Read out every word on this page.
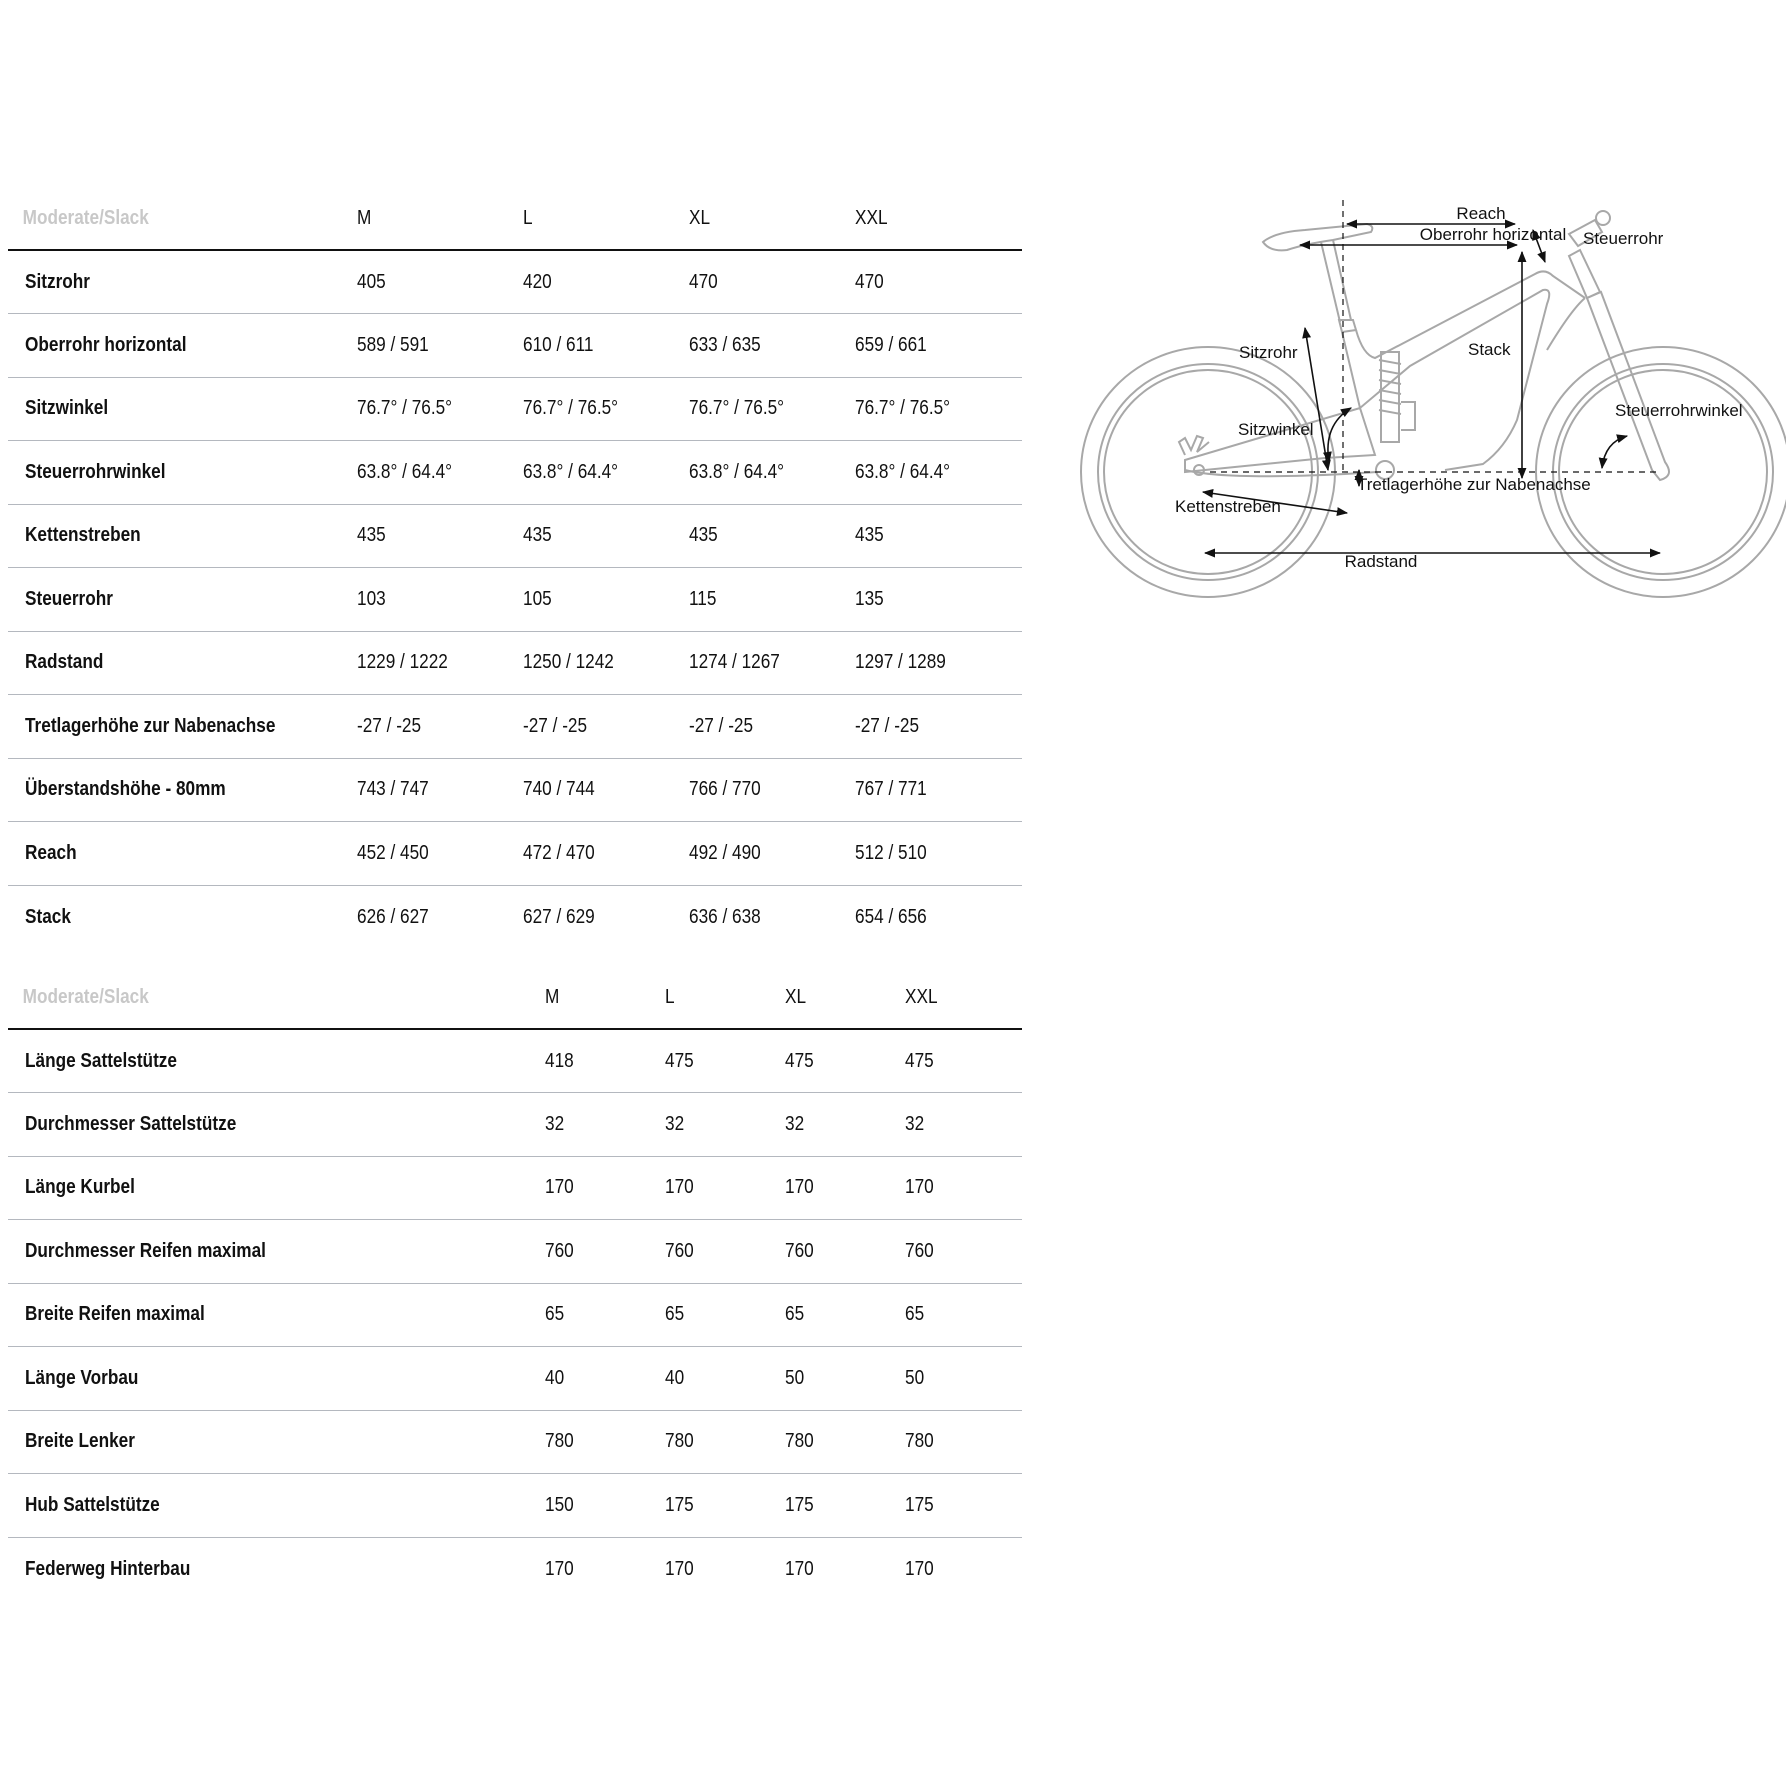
Moderate/Slack	M	L	XL	XXL
Sitzrohr	405	420	470	470
Oberrohr horizontal	589 / 591	610 / 611	633 / 635	659 / 661
Sitzwinkel	76.7° / 76.5°	76.7° / 76.5°	76.7° / 76.5°	76.7° / 76.5°
Steuerrohrwinkel	63.8° / 64.4°	63.8° / 64.4°	63.8° / 64.4°	63.8° / 64.4°
Kettenstreben	435	435	435	435
Steuerrohr	103	105	115	135
Radstand	1229 / 1222	1250 / 1242	1274 / 1267	1297 / 1289
Tretlagerhöhe zur Nabenachse	-27 / -25	-27 / -25	-27 / -25	-27 / -25
Überstandshöhe - 80mm	743 / 747	740 / 744	766 / 770	767 / 771
Reach	452 / 450	472 / 470	492 / 490	512 / 510
Stack	626 / 627	627 / 629	636 / 638	654 / 656
Moderate/Slack	M	L	XL	XXL
Länge Sattelstütze	418	475	475	475
Durchmesser Sattelstütze	32	32	32	32
Länge Kurbel	170	170	170	170
Durchmesser Reifen maximal	760	760	760	760
Breite Reifen maximal	65	65	65	65
Länge Vorbau	40	40	50	50
Breite Lenker	780	780	780	780
Hub Sattelstütze	150	175	175	175
Federweg Hinterbau	170	170	170	170
Reach
Oberrohr horizontal Steuerrohr
Sitzrohr	Stack
Steuerrohrwinkel
Sitzwinkel
Tretlagerhöhe zur Nabenachse
Kettenstreben
Radstand
